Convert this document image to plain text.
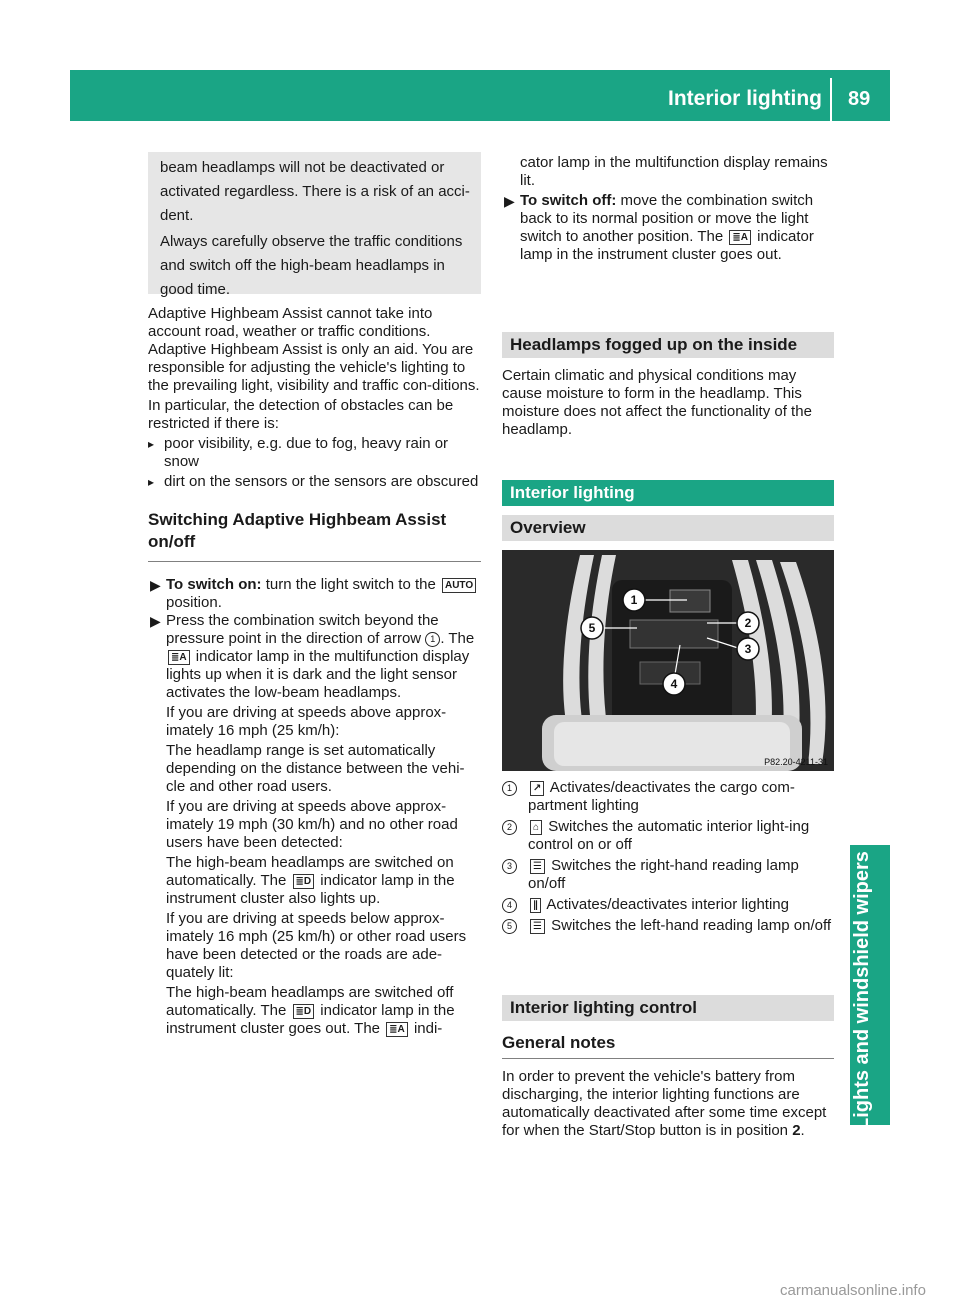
Interior lighting 89
Lights and windshield wipers

beam headlamps will not be deactivated or activated regardless. There is a risk of an acci-dent.

Always carefully observe the traffic conditions and switch off the high-beam headlamps in good time.

Adaptive Highbeam Assist cannot take into account road, weather or traffic conditions. Adaptive Highbeam Assist is only an aid. You are responsible for adjusting the vehicle's lighting to the prevailing light, visibility and traffic con-ditions.

In particular, the detection of obstacles can be restricted if there is:

▸ poor visibility, e.g. due to fog, heavy rain or snow
▸ dirt on the sensors or the sensors are obscured
Switching Adaptive Highbeam Assist on/off
▶ To switch on: turn the light switch to the AUTO position.
▶ Press the combination switch beyond the pressure point in the direction of arrow 1 . The ≣A indicator lamp in the multifunction display lights up when it is dark and the light sensor activates the low-beam headlamps.

If you are driving at speeds above approx-imately 16 mph (25 km/h):

The headlamp range is set automatically depending on the distance between the vehi-cle and other road users.

If you are driving at speeds above approx-imately 19 mph (30 km/h) and no other road users have been detected:

The high-beam headlamps are switched on automatically. The ≣D indicator lamp in the instrument cluster also lights up.

If you are driving at speeds below approx-imately 16 mph (25 km/h) or other road users have been detected or the roads are ade-quately lit:

The high-beam headlamps are switched off automatically. The ≣D indicator lamp in the instrument cluster goes out. The ≣A indi-

cator lamp in the multifunction display remains lit.

▶ To switch off: move the combination switch back to its normal position or move the light switch to another position. The ≣A indicator lamp in the instrument cluster goes out.
Headlamps fogged up on the inside

Certain climatic and physical conditions may cause moisture to form in the headlamp. This moisture does not affect the functionality of the headlamp.

Interior lighting
Overview
1
2
3
4
5
P82.20-4211-31
1	↗ Activates/deactivates the cargo com-partment lighting
2	⌂ Switches the automatic interior light-ing control on or off
3	☰ Switches the right-hand reading lamp on/off
4	∥ Activates/deactivates interior lighting
5	☰ Switches the left-hand reading lamp on/off
Interior lighting control
General notes

In order to prevent the vehicle's battery from discharging, the interior lighting functions are automatically deactivated after some time except for when the Start/Stop button is in position 2.

carmanualsonline.info
